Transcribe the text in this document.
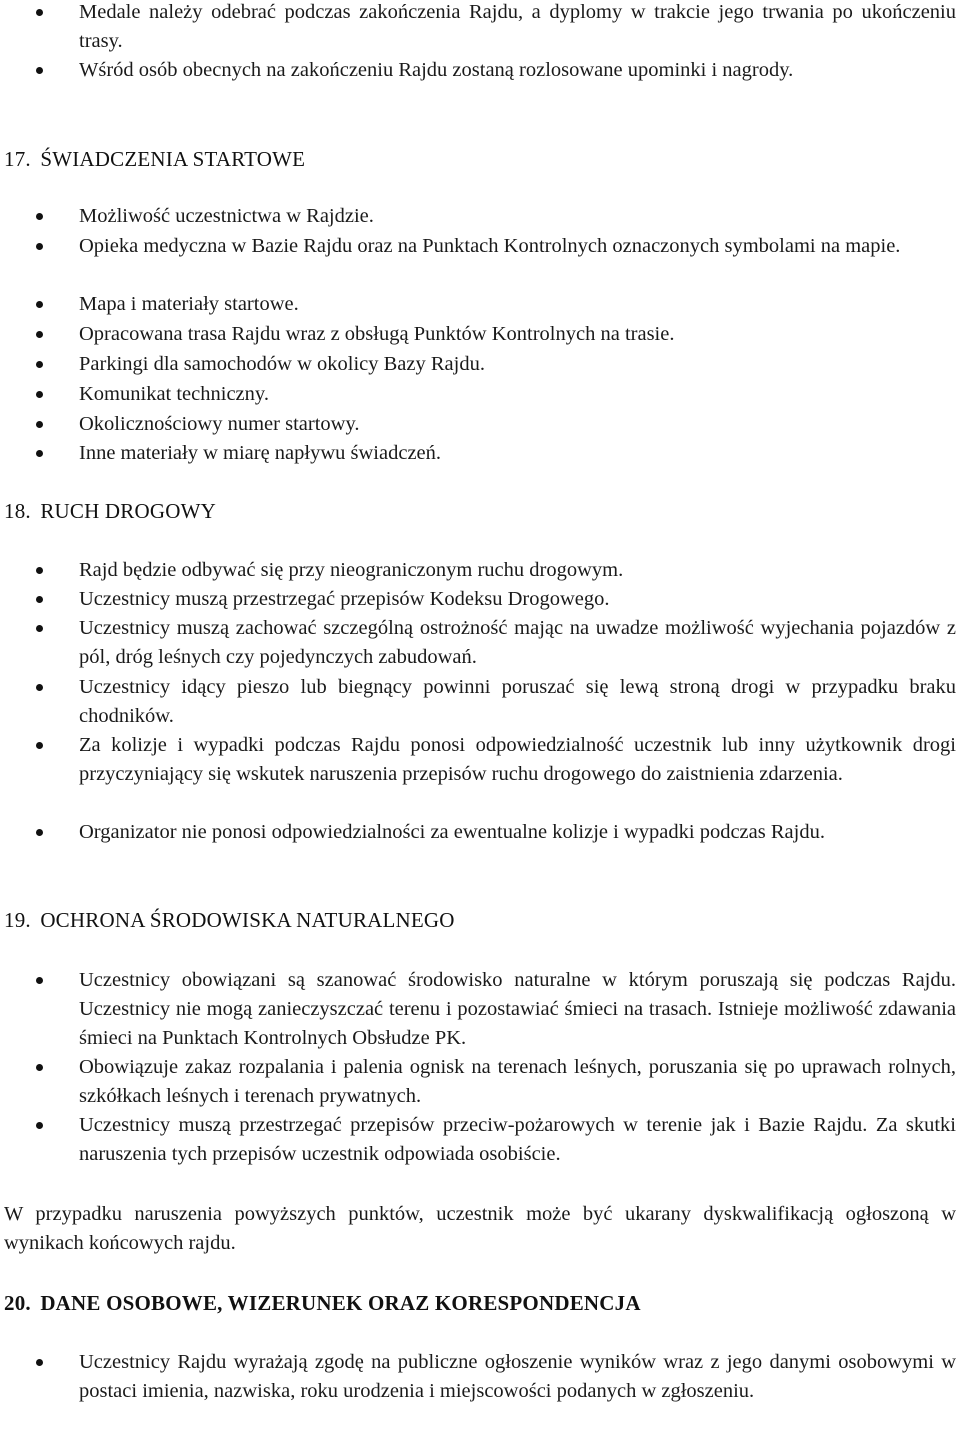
Medale należy odebrać podczas zakończenia Rajdu, a dyplomy w trakcie jego trwania po ukończeniu trasy.
Wśród osób obecnych na zakończeniu Rajdu zostaną rozlosowane upominki i nagrody.
17. ŚWIADCZENIA STARTOWE
Możliwość uczestnictwa w Rajdzie.
Opieka medyczna w Bazie Rajdu oraz na Punktach Kontrolnych oznaczonych symbolami na mapie.
Mapa i materiały startowe.
Opracowana trasa Rajdu wraz z obsługą Punktów Kontrolnych na trasie.
Parkingi dla samochodów w okolicy Bazy Rajdu.
Komunikat techniczny.
Okolicznościowy numer startowy.
Inne materiały w miarę napływu świadczeń.
18. RUCH DROGOWY
Rajd będzie odbywać się przy nieograniczonym ruchu drogowym.
Uczestnicy muszą przestrzegać przepisów Kodeksu Drogowego.
Uczestnicy muszą zachować szczególną ostrożność mając na uwadze możliwość wyjechania pojazdów z pól, dróg leśnych czy pojedynczych zabudowań.
Uczestnicy idący pieszo lub biegnący powinni poruszać się lewą stroną drogi w przypadku braku chodników.
Za kolizje i wypadki podczas Rajdu ponosi odpowiedzialność uczestnik lub inny użytkownik drogi przyczyniający się wskutek naruszenia przepisów ruchu drogowego do zaistnienia zdarzenia.
Organizator nie ponosi odpowiedzialności za ewentualne kolizje i wypadki podczas Rajdu.
19. OCHRONA ŚRODOWISKA NATURALNEGO
Uczestnicy obowiązani są szanować środowisko naturalne w którym poruszają się podczas Rajdu. Uczestnicy nie mogą zanieczyszczać terenu i pozostawiać śmieci na trasach. Istnieje możliwość zdawania śmieci na Punktach Kontrolnych Obsłudze PK.
Obowiązuje zakaz rozpalania i palenia ognisk na terenach leśnych, poruszania się po uprawach rolnych, szkółkach leśnych i terenach prywatnych.
Uczestnicy muszą przestrzegać przepisów przeciw-pożarowych w terenie jak i Bazie Rajdu. Za skutki naruszenia tych przepisów uczestnik odpowiada osobiście.
W przypadku naruszenia powyższych punktów, uczestnik może być ukarany dyskwalifikacją ogłoszoną w wynikach końcowych rajdu.
20. DANE OSOBOWE, WIZERUNEK ORAZ KORESPONDENCJA
Uczestnicy Rajdu wyrażają zgodę na publiczne ogłoszenie wyników wraz z jego danymi osobowymi w postaci imienia, nazwiska, roku urodzenia i miejscowości podanych w zgłoszeniu.
